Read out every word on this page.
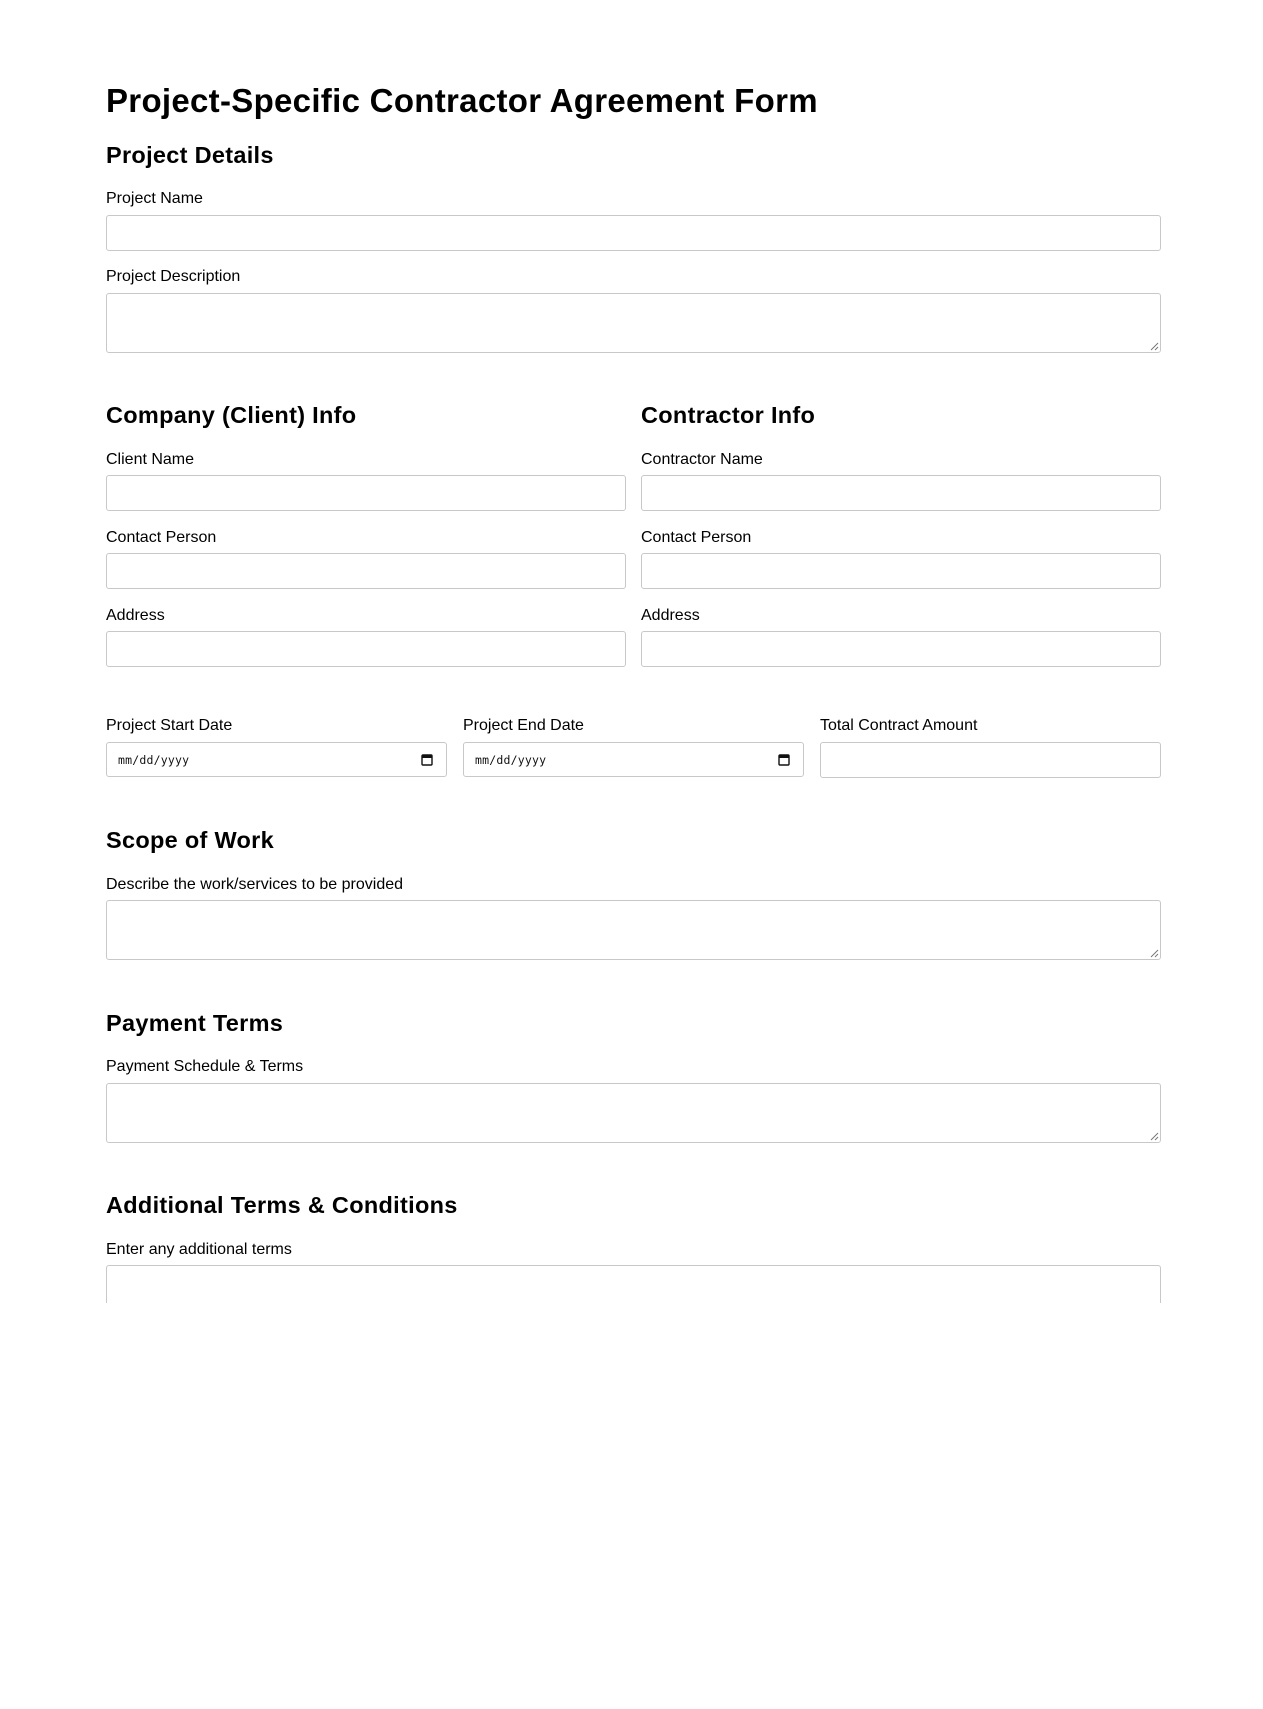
Project-Specific Contractor Agreement Form
Project Details
Project Name
Project Description
Company (Client) Info
Client Name
Contact Person
Address
Contractor Info
Contractor Name
Contact Person
Address
Project Start Date
mm/dd/yyyy
Project End Date
mm/dd/yyyy
Total Contract Amount
Scope of Work
Describe the work/services to be provided
Payment Terms
Payment Schedule & Terms
Additional Terms & Conditions
Enter any additional terms
